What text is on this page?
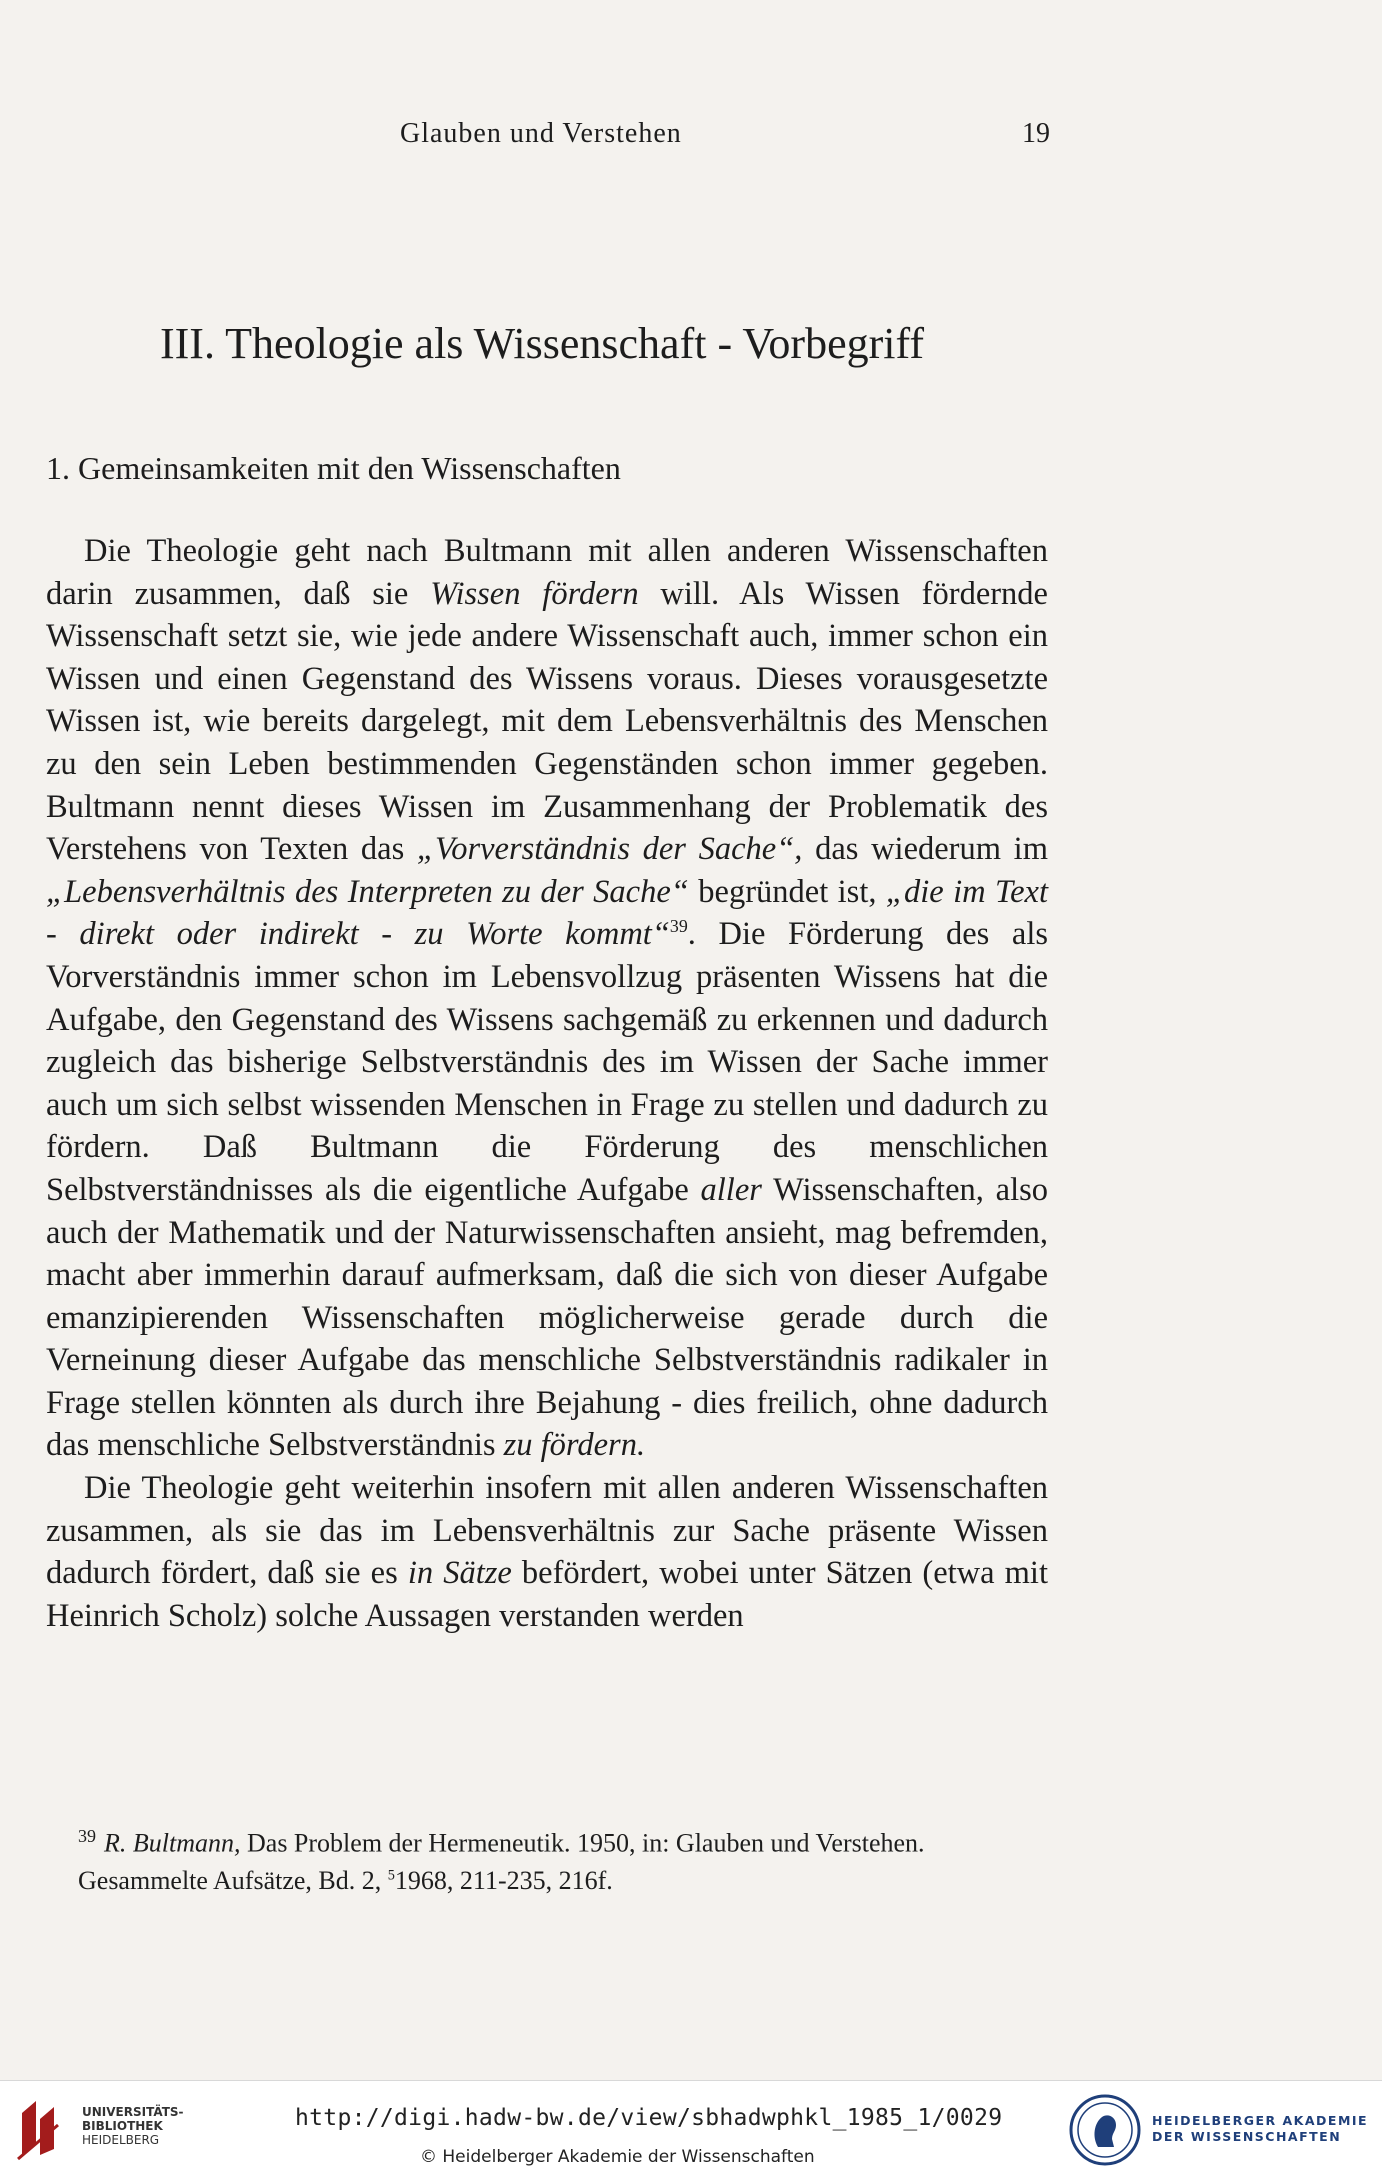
Glauben und Verstehen	19
III. Theologie als Wissenschaft - Vorbegriff
1. Gemeinsamkeiten mit den Wissenschaften

Die Theologie geht nach Bultmann mit allen anderen Wissenschaften darin zusammen, daß sie Wissen fördern will. Als Wissen fördernde Wissenschaft setzt sie, wie jede andere Wissenschaft auch, immer schon ein Wissen und einen Gegenstand des Wissens voraus. Dieses vorausgesetzte Wissen ist, wie bereits dargelegt, mit dem Lebensverhältnis des Menschen zu den sein Leben bestimmenden Gegenständen schon immer gegeben. Bultmann nennt dieses Wissen im Zusammenhang der Problematik des Verstehens von Texten das „Vorverständnis der Sache“, das wiederum im „Lebensverhältnis des Interpreten zu der Sache“ begründet ist, „die im Text - direkt oder indirekt - zu Worte kommt“$^{39}$. Die Förderung des als Vorverständnis immer schon im Lebensvollzug präsenten Wissens hat die Aufgabe, den Gegenstand des Wissens sachgemäß zu erkennen und dadurch zugleich das bisherige Selbstverständnis des im Wissen der Sache immer auch um sich selbst wissenden Menschen in Frage zu stellen und dadurch zu fördern. Daß Bultmann die Förderung des menschlichen Selbstverständnisses als die eigentliche Aufgabe aller Wissenschaften, also auch der Mathematik und der Naturwissenschaften ansieht, mag befremden, macht aber immerhin darauf aufmerksam, daß die sich von dieser Aufgabe emanzipierenden Wissenschaften möglicherweise gerade durch die Verneinung dieser Aufgabe das menschliche Selbstverständnis radikaler in Frage stellen könnten als durch ihre Bejahung - dies freilich, ohne dadurch das menschliche Selbstverständnis zu fördern.

Die Theologie geht weiterhin insofern mit allen anderen Wissenschaften zusammen, als sie das im Lebensverhältnis zur Sache präsente Wissen dadurch fördert, daß sie es in Sätze befördert, wobei unter Sätzen (etwa mit Heinrich Scholz) solche Aussagen verstanden werden

$^{39}$ R. Bultmann, Das Problem der Hermeneutik. 1950, in: Glauben und Verstehen. Gesammelte Aufsätze, Bd. 2, $^5$1968, 211-235, 216f.
UNIVERSITÄTS-
BIBLIOTHEK
HEIDELBERG
http://digi.hadw-bw.de/view/sbhadwphkl_1985_1/0029
© Heidelberger Akademie der Wissenschaften
HEIDELBERGER AKADEMIE
DER WISSENSCHAFTEN
